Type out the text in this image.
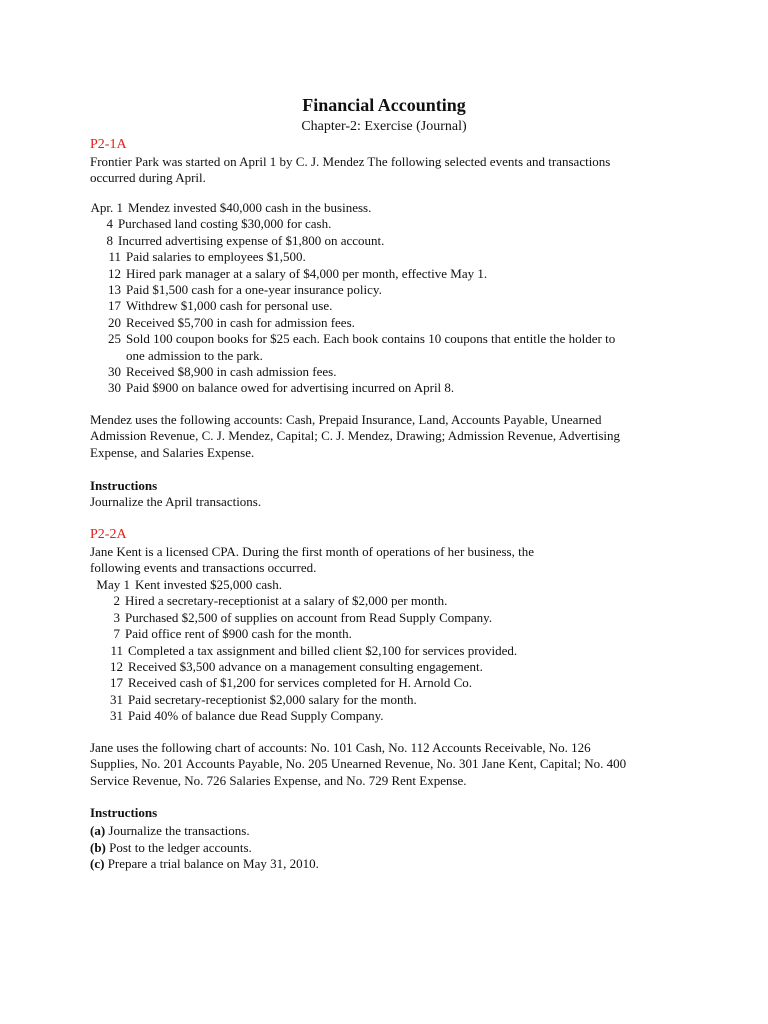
Financial Accounting
Chapter-2: Exercise (Journal)
P2-1A
Frontier Park was started on April 1 by C. J. Mendez The following selected events and transactions
occurred during April.
Apr. 1 Mendez invested $40,000 cash in the business.
4 Purchased land costing $30,000 for cash.
8 Incurred advertising expense of $1,800 on account.
11 Paid salaries to employees $1,500.
12 Hired park manager at a salary of $4,000 per month, effective May 1.
13 Paid $1,500 cash for a one-year insurance policy.
17 Withdrew $1,000 cash for personal use.
20 Received $5,700 in cash for admission fees.
25 Sold 100 coupon books for $25 each. Each book contains 10 coupons that entitle the holder to
one admission to the park.
30 Received $8,900 in cash admission fees.
30 Paid $900 on balance owed for advertising incurred on April 8.
Mendez uses the following accounts: Cash, Prepaid Insurance, Land, Accounts Payable, Unearned
Admission Revenue, C. J. Mendez, Capital; C. J. Mendez, Drawing; Admission Revenue, Advertising
Expense, and Salaries Expense.
Instructions
Journalize the April transactions.
P2-2A
Jane Kent is a licensed CPA. During the first month of operations of her business, the
following events and transactions occurred.
May 1 Kent invested $25,000 cash.
2 Hired a secretary-receptionist at a salary of $2,000 per month.
3 Purchased $2,500 of supplies on account from Read Supply Company.
7 Paid office rent of $900 cash for the month.
11 Completed a tax assignment and billed client $2,100 for services provided.
12 Received $3,500 advance on a management consulting engagement.
17 Received cash of $1,200 for services completed for H. Arnold Co.
31 Paid secretary-receptionist $2,000 salary for the month.
31 Paid 40% of balance due Read Supply Company.
Jane uses the following chart of accounts: No. 101 Cash, No. 112 Accounts Receivable, No. 126
Supplies, No. 201 Accounts Payable, No. 205 Unearned Revenue, No. 301 Jane Kent, Capital; No. 400
Service Revenue, No. 726 Salaries Expense, and No. 729 Rent Expense.
Instructions
(a) Journalize the transactions.
(b) Post to the ledger accounts.
(c) Prepare a trial balance on May 31, 2010.
